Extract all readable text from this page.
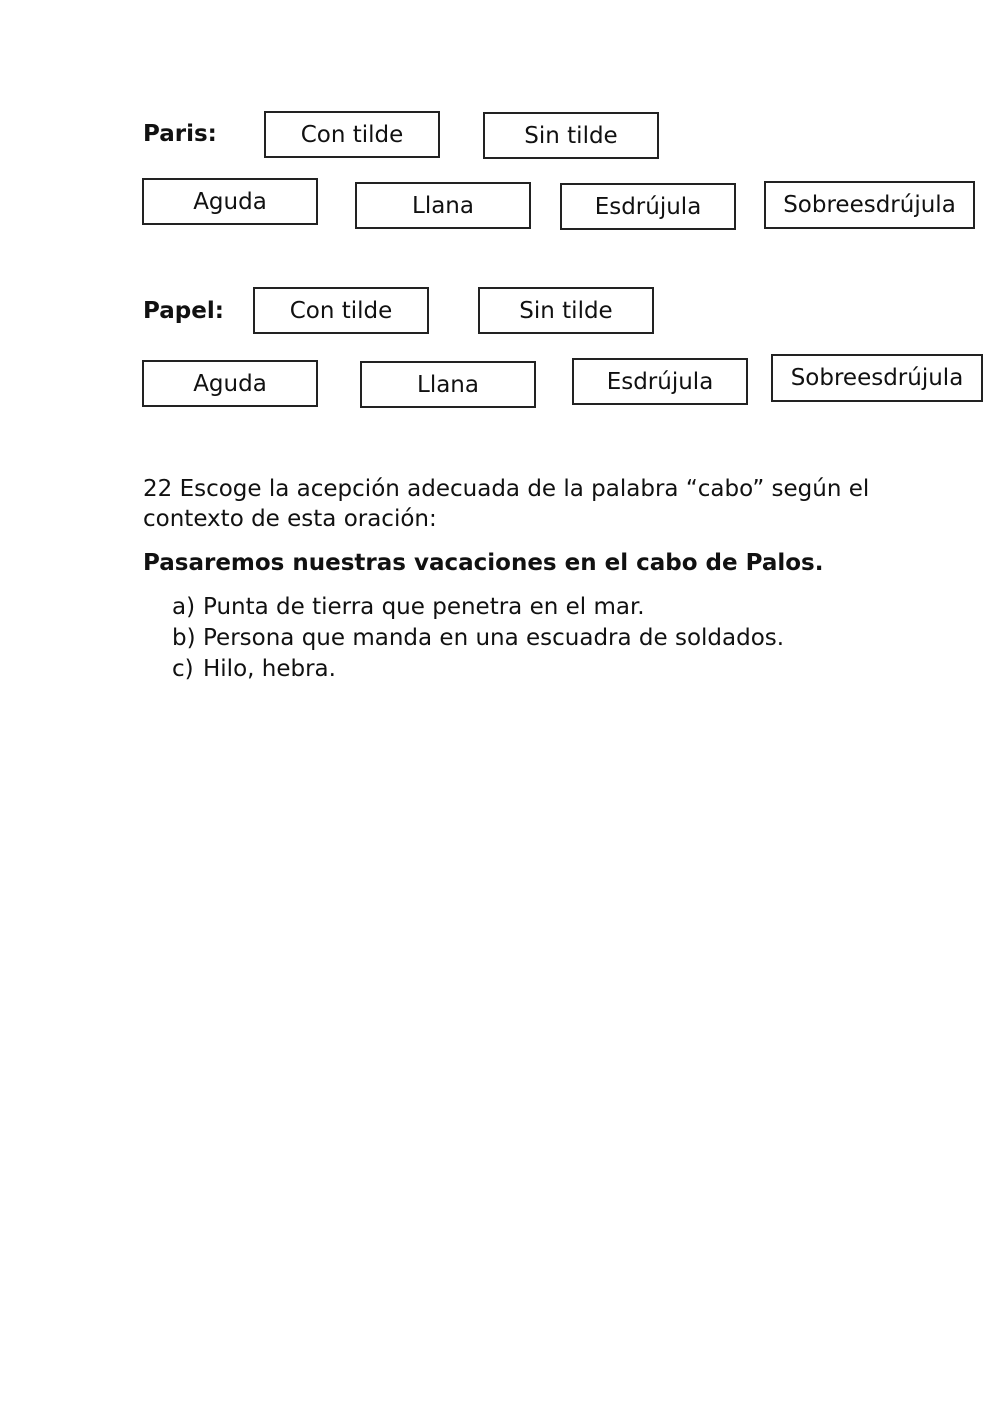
Paris:	Con tilde	Sin tilde
Aguda	Llana	Esdrújula	Sobreesdrújula
Papel:	Con tilde	Sin tilde
Aguda	Llana	Esdrújula	Sobreesdrújula
22 Escoge la acepción adecuada de la palabra “cabo” según el contexto de esta oración:
Pasaremos nuestras vacaciones en el cabo de Palos.
a) Punta de tierra que penetra en el mar.
b) Persona que manda en una escuadra de soldados.
c) Hilo, hebra.
